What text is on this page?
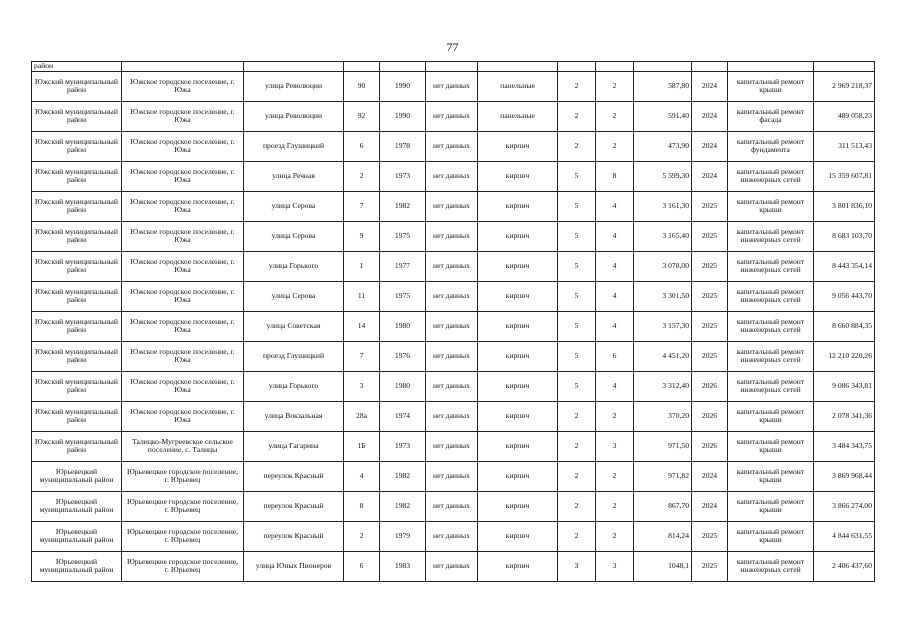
77
район												
Южский муниципальный район	Южское городское поселение, г. Южа	улица Революции	90	1990	нет данных	панельные	2	2	587,80	2024	капитальный ремонт крыши	2 969 218,37
Южский муниципальный район	Южское городское поселение, г. Южа	улица Революции	92	1990	нет данных	панельные	2	2	591,40	2024	капитальный ремонт фасада	489 058,23
Южский муниципальный район	Южское городское поселение, г. Южа	проезд Глушицкий	6	1978	нет данных	кирпич	2	2	473,90	2024	капитальный ремонт фундамента	311 513,43
Южский муниципальный район	Южское городское поселение, г. Южа	улица Речная	2	1973	нет данных	кирпич	5	8	5 599,30	2024	капитальный ремонт инженерных сетей	15 359 607,81
Южский муниципальный район	Южское городское поселение, г. Южа	улица Серова	7	1982	нет данных	кирпич	5	4	3 161,30	2025	капитальный ремонт крыши	3 801 836,10
Южский муниципальный район	Южское городское поселение, г. Южа	улица Серова	9	1975	нет данных	кирпич	5	4	3 165,40	2025	капитальный ремонт инженерных сетей	8 683 103,70
Южский муниципальный район	Южское городское поселение, г. Южа	улица Горького	1	1977	нет данных	кирпич	5	4	3 078,00	2025	капитальный ремонт инженерных сетей	8 443 354,14
Южский муниципальный район	Южское городское поселение, г. Южа	улица Серова	11	1975	нет данных	кирпич	5	4	3 301,50	2025	капитальный ремонт инженерных сетей	9 056 443,70
Южский муниципальный район	Южское городское поселение, г. Южа	улица Советская	14	1980	нет данных	кирпич	5	4	3 157,30	2025	капитальный ремонт инженерных сетей	8 660 884,35
Южский муниципальный район	Южское городское поселение, г. Южа	проезд Глушицкий	7	1976	нет данных	кирпич	5	6	4 451,20	2025	капитальный ремонт инженерных сетей	12 210 220,26
Южский муниципальный район	Южское городское поселение, г. Южа	улица Горького	3	1980	нет данных	кирпич	5	4	3 312,40	2026	капитальный ремонт инженерных сетей	9 086 343,81
Южский муниципальный район	Южское городское поселение, г. Южа	улица Вокзальная	28а	1974	нет данных	кирпич	2	2	370,20	2026	капитальный ремонт крыши	2 078 341,36
Южский муниципальный район	Талицко-Мугреевское сельское поселение, с. Талицы	улица Гагарина	1Б	1973	нет данных	кирпич	2	3	971,50	2026	капитальный ремонт крыши	3 484 343,75
Юрьевецкий муниципальный район	Юрьевецкое городское поселение, г. Юрьевец	переулок Красный	4	1982	нет данных	кирпич	2	2	971,82	2024	капитальный ремонт крыши	3 869 968,44
Юрьевецкий муниципальный район	Юрьевецкое городское поселение, г. Юрьевец	переулок Красный	8	1982	нет данных	кирпич	2	2	867,70	2024	капитальный ремонт крыши	3 866 274,00
Юрьевецкий муниципальный район	Юрьевецкое городское поселение, г. Юрьевец	переулок Красный	2	1979	нет данных	кирпич	2	2	814,24	2025	капитальный ремонт крыши	4 844 631,55
Юрьевецкий муниципальный район	Юрьевецкое городское поселение, г. Юрьевец	улица Юных Пионеров	6	1983	нет данных	кирпич	3	3	1048,1	2025	капитальный ремонт инженерных сетей	2 406 437,60
